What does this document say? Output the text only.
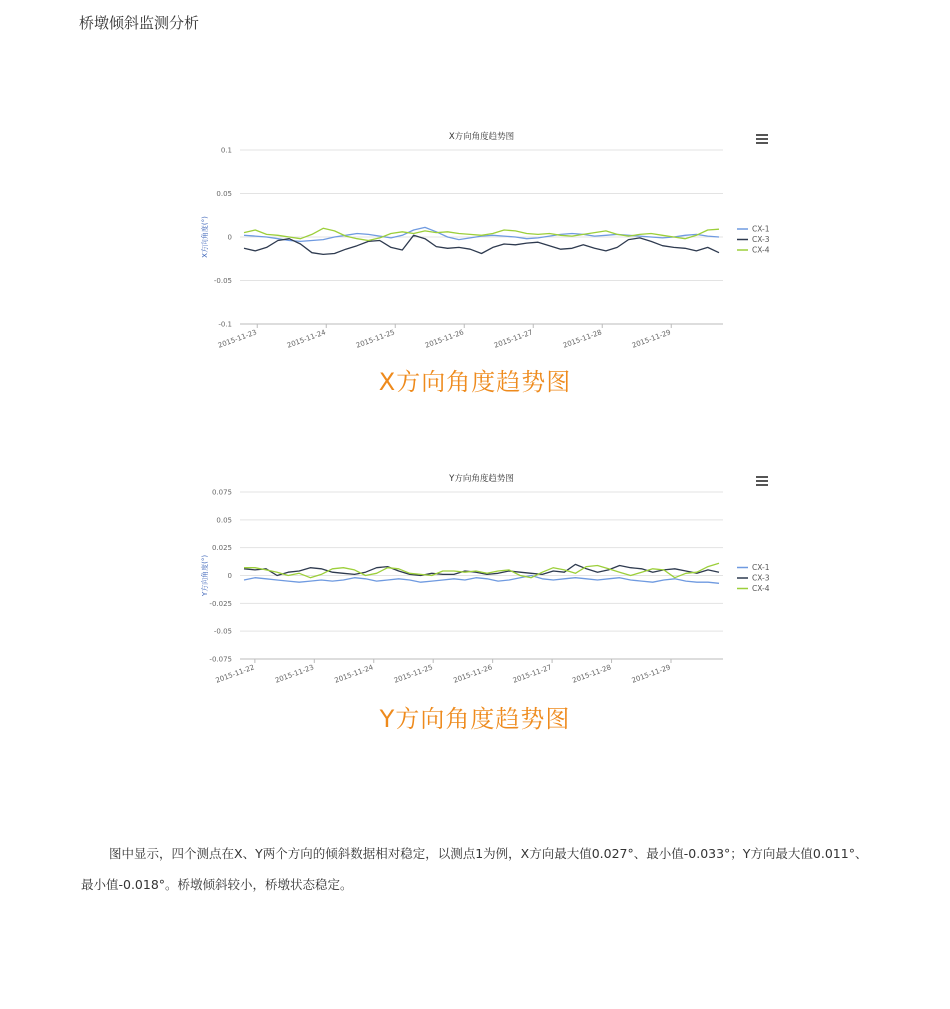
桥墩倾斜监测分析
X方向角度趋势图
0.1
0.05
0
-0.05
-0.1
X方向角度(°)
2015-11-23	2015-11-24	2015-11-25	2015-11-26	2015-11-27	2015-11-28	2015-11-29
CX-1
CX-3
CX-4
X方向角度趋势图
Y方向角度趋势图
0.075
0.05
0.025
0
-0.025
-0.05
-0.075
Y方向角度(°)
2015-11-22	2015-11-23	2015-11-24	2015-11-25	2015-11-26	2015-11-27	2015-11-28	2015-11-29
CX-1
CX-3
CX-4
Y方向角度趋势图

图中显示，四个测点在X、Y两个方向的倾斜数据相对稳定，以测点1为例，X方向最大值0.027°、最小值-0.033°；Y方向最大值0.011°、最小值-0.018°。桥墩倾斜较小，桥墩状态稳定。
